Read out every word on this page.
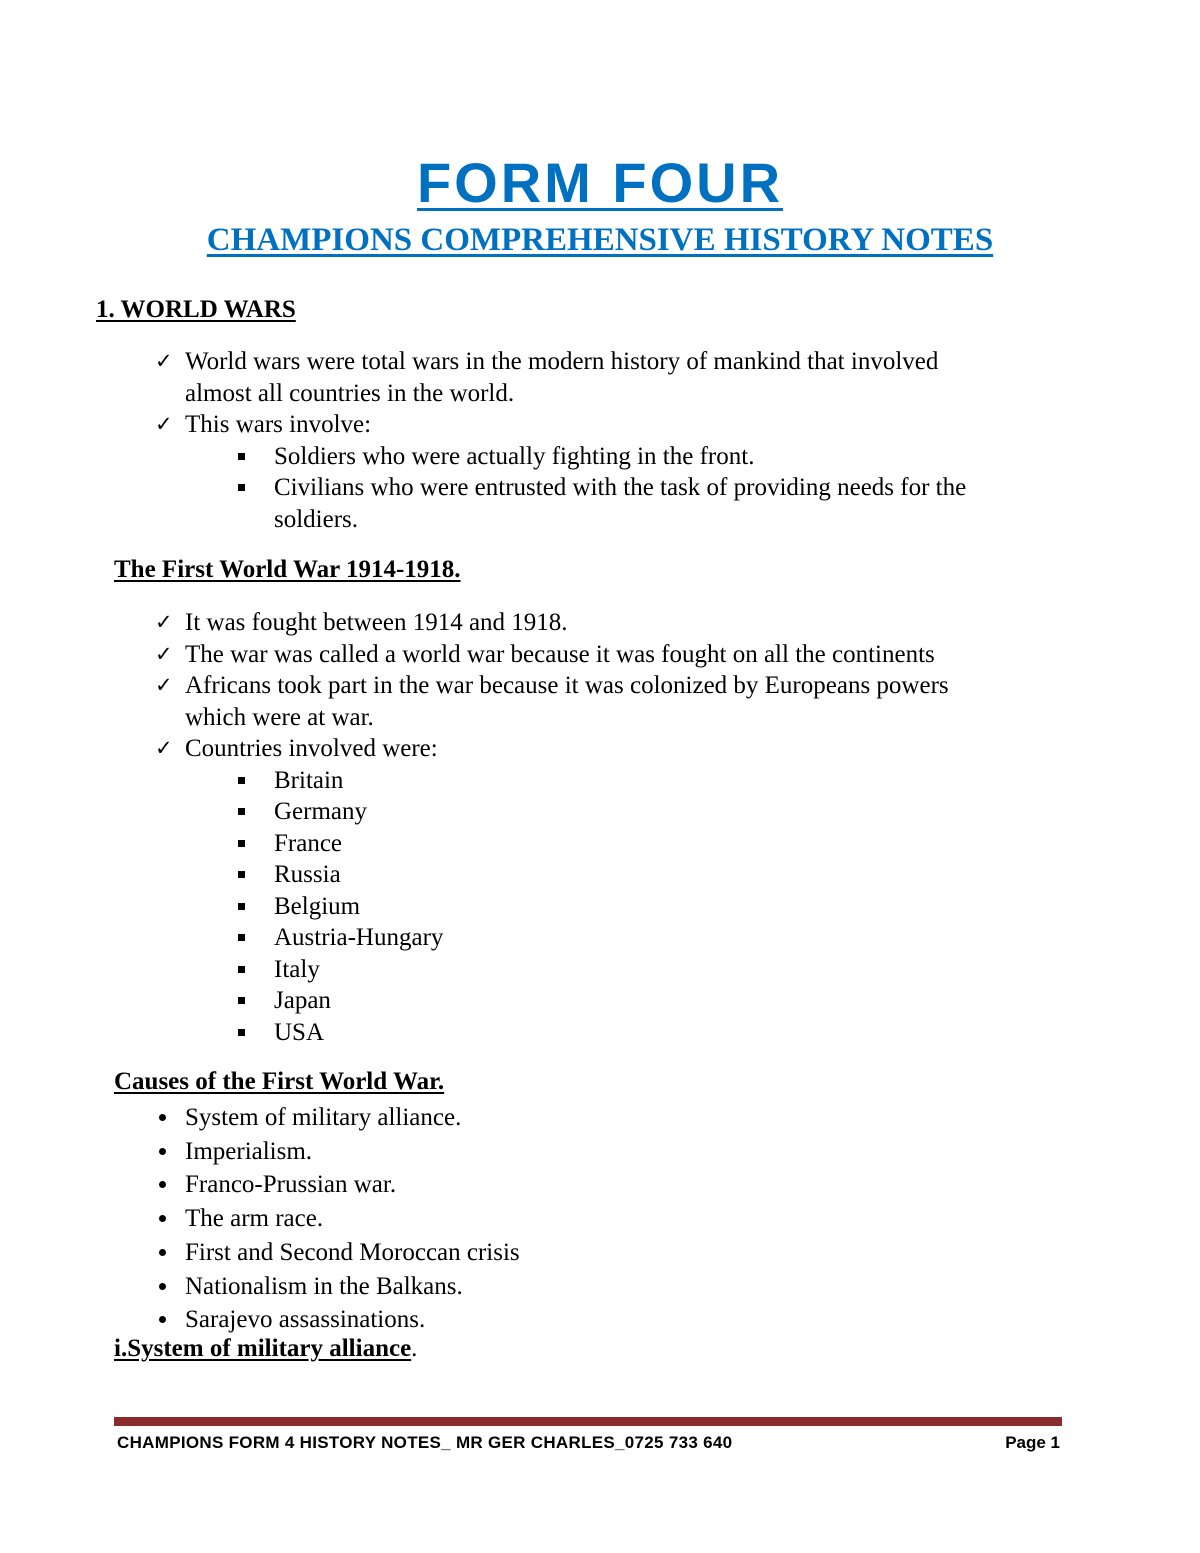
FORM FOUR
CHAMPIONS COMPREHENSIVE HISTORY NOTES
1. WORLD WARS
✓ World wars were total wars in the modern history of mankind that involved
almost all countries in the world.
✓ This wars involve:
Soldiers who were actually fighting in the front.
Civilians who were entrusted with the task of providing needs for the
soldiers.
The First World War 1914-1918.
✓ It was fought between 1914 and 1918.
✓ The war was called a world war because it was fought on all the continents
✓ Africans took part in the war because it was colonized by Europeans powers
which were at war.
✓ Countries involved were:
Britain
Germany
France
Russia
Belgium
Austria-Hungary
Italy
Japan
USA
Causes of the First World War.
System of military alliance.
Imperialism.
Franco-Prussian war.
The arm race.
First and Second Moroccan crisis
Nationalism in the Balkans.
Sarajevo assassinations.
i.System of military alliance.
CHAMPIONS FORM 4 HISTORY NOTES_ MR GER CHARLES_0725 733 640	Page 1
